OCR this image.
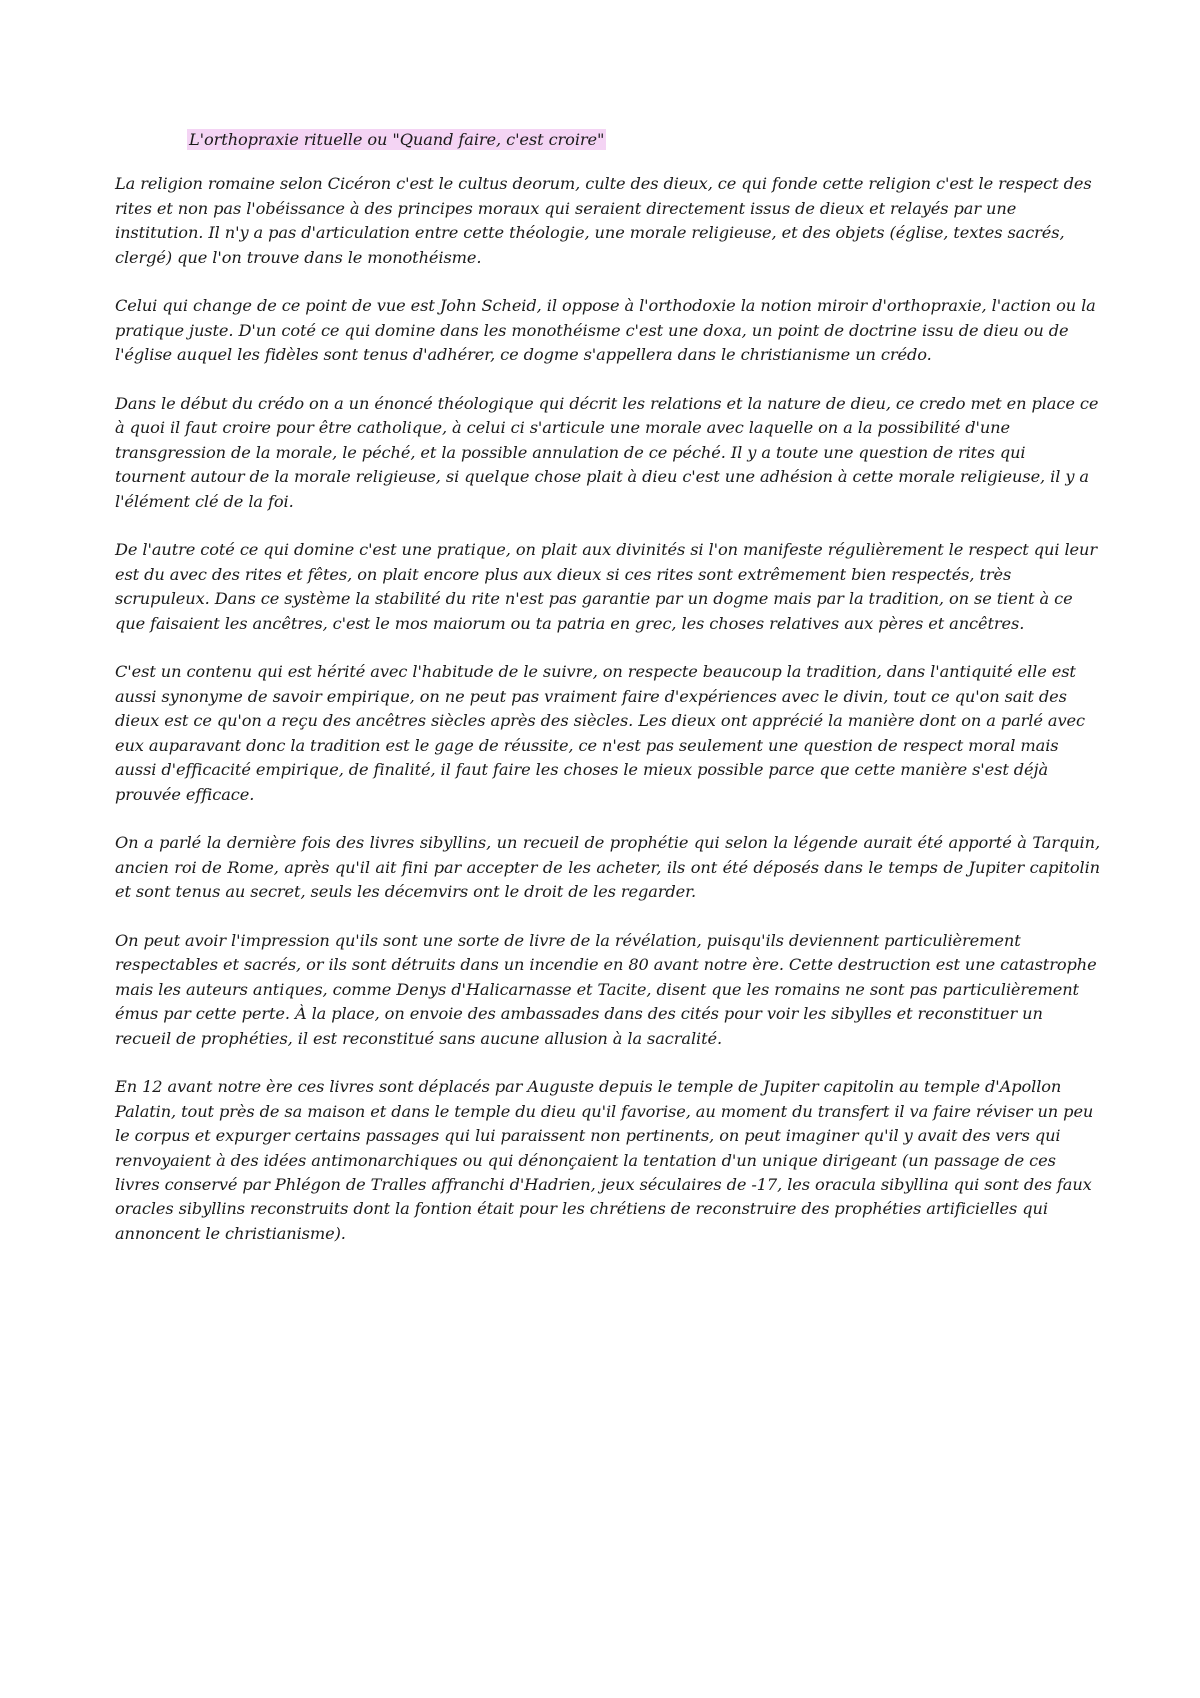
L'orthopraxie rituelle ou "Quand faire, c'est croire"

La religion romaine selon Cicéron c'est le cultus deorum, culte des dieux, ce qui fonde cette religion c'est le respect des rites et non pas l'obéissance à des principes moraux qui seraient directement issus de dieux et relayés par une institution. Il n'y a pas d'articulation entre cette théologie, une morale religieuse, et des objets (église, textes sacrés, clergé) que l'on trouve dans le monothéisme.

Celui qui change de ce point de vue est John Scheid, il oppose à l'orthodoxie la notion miroir d'orthopraxie, l'action ou la pratique juste. D'un coté ce qui domine dans les monothéisme c'est une doxa, un point de doctrine issu de dieu ou de l'église auquel les fidèles sont tenus d'adhérer, ce dogme s'appellera dans le christianisme un crédo.

Dans le début du crédo on a un énoncé théologique qui décrit les relations et la nature de dieu, ce credo met en place ce à quoi il faut croire pour être catholique, à celui ci s'articule une morale avec laquelle on a la possibilité d'une transgression de la morale, le péché, et la possible annulation de ce péché. Il y a toute une question de rites qui tournent autour de la morale religieuse, si quelque chose plait à dieu c'est une adhésion à cette morale religieuse, il y a l'élément clé de la foi.

De l'autre coté ce qui domine c'est une pratique, on plait aux divinités si l'on manifeste régulièrement le respect qui leur est du avec des rites et fêtes, on plait encore plus aux dieux si ces rites sont extrêmement bien respectés, très scrupuleux. Dans ce système la stabilité du rite n'est pas garantie par un dogme mais par la tradition, on se tient à ce que faisaient les ancêtres, c'est le mos maiorum ou ta patria en grec, les choses relatives aux pères et ancêtres.

C'est un contenu qui est hérité avec l'habitude de le suivre, on respecte beaucoup la tradition, dans l'antiquité elle est aussi synonyme de savoir empirique, on ne peut pas vraiment faire d'expériences avec le divin, tout ce qu'on sait des dieux est ce qu'on a reçu des ancêtres siècles après des siècles. Les dieux ont apprécié la manière dont on a parlé avec eux auparavant donc la tradition est le gage de réussite, ce n'est pas seulement une question de respect moral mais aussi d'efficacité empirique, de finalité, il faut faire les choses le mieux possible parce que cette manière s'est déjà prouvée efficace.

On a parlé la dernière fois des livres sibyllins, un recueil de prophétie qui selon la légende aurait été apporté à Tarquin, ancien roi de Rome, après qu'il ait fini par accepter de les acheter, ils ont été déposés dans le temps de Jupiter capitolin et sont tenus au secret, seuls les décemvirs ont le droit de les regarder.

On peut avoir l'impression qu'ils sont une sorte de livre de la révélation, puisqu'ils deviennent particulièrement respectables et sacrés, or ils sont détruits dans un incendie en 80 avant notre ère. Cette destruction est une catastrophe mais les auteurs antiques, comme Denys d'Halicarnasse et Tacite, disent que les romains ne sont pas particulièrement émus par cette perte. À la place, on envoie des ambassades dans des cités pour voir les sibylles et reconstituer un recueil de prophéties, il est reconstitué sans aucune allusion à la sacralité.

En 12 avant notre ère ces livres sont déplacés par Auguste depuis le temple de Jupiter capitolin au temple d'Apollon Palatin, tout près de sa maison et dans le temple du dieu qu'il favorise, au moment du transfert il va faire réviser un peu le corpus et expurger certains passages qui lui paraissent non pertinents, on peut imaginer qu'il y avait des vers qui renvoyaient à des idées antimonarchiques ou qui dénonçaient la tentation d'un unique dirigeant (un passage de ces livres conservé par Phlégon de Tralles affranchi d'Hadrien, jeux séculaires de -17, les oracula sibyllina qui sont des faux oracles sibyllins reconstruits dont la fontion était pour les chrétiens de reconstruire des prophéties artificielles qui annoncent le christianisme).
